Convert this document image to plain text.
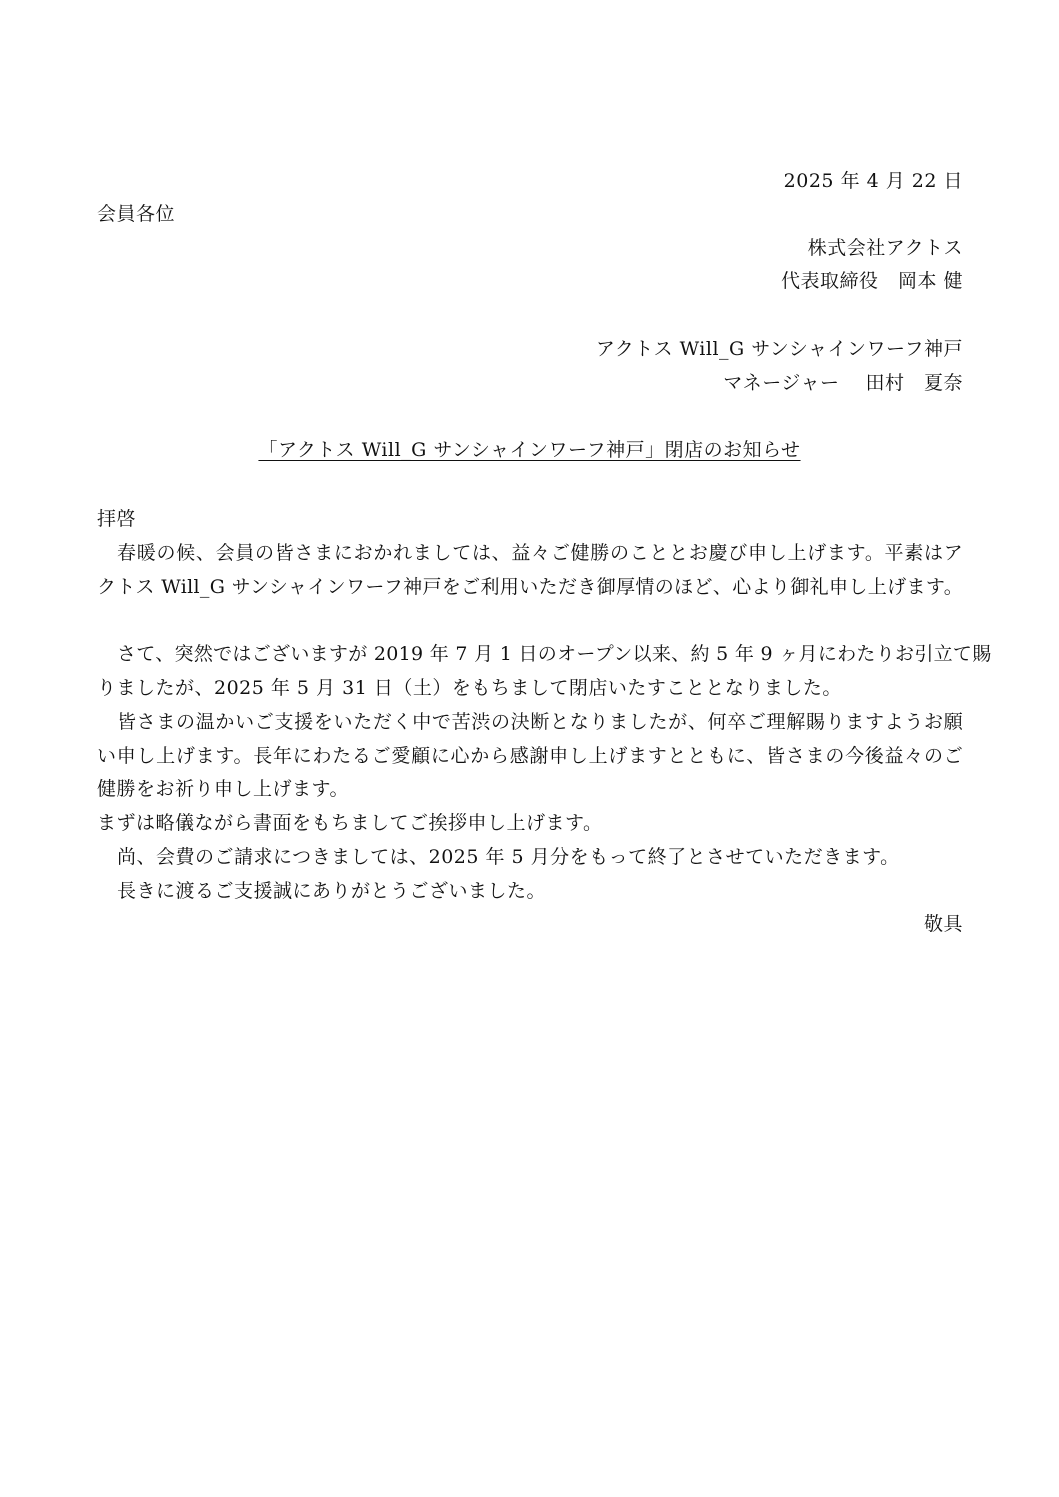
2025 年 4 月 22 日
会員各位
株式会社アクトス
代表取締役　岡本 健
アクトス Will_G サンシャインワーフ神戸
マネージャー　 田村　夏奈
「アクトス Will_G サンシャインワーフ神戸」閉店のお知らせ
拝啓
春暖の候、会員の皆さまにおかれましては、益々ご健勝のこととお慶び申し上げます。平素はア
クトス Will_G サンシャインワーフ神戸をご利用いただき御厚情のほど、心より御礼申し上げます。
さて、突然ではございますが 2019 年 7 月 1 日のオープン以来、約 5 年 9 ヶ月にわたりお引立て賜
りましたが、2025 年 5 月 31 日（土）をもちまして閉店いたすこととなりました。
皆さまの温かいご支援をいただく中で苦渋の決断となりましたが、何卒ご理解賜りますようお願
い申し上げます。長年にわたるご愛顧に心から感謝申し上げますとともに、皆さまの今後益々のご
健勝をお祈り申し上げます。
まずは略儀ながら書面をもちましてご挨拶申し上げます。
尚、会費のご請求につきましては、2025 年 5 月分をもって終了とさせていただきます。
長きに渡るご支援誠にありがとうございました。
敬具
